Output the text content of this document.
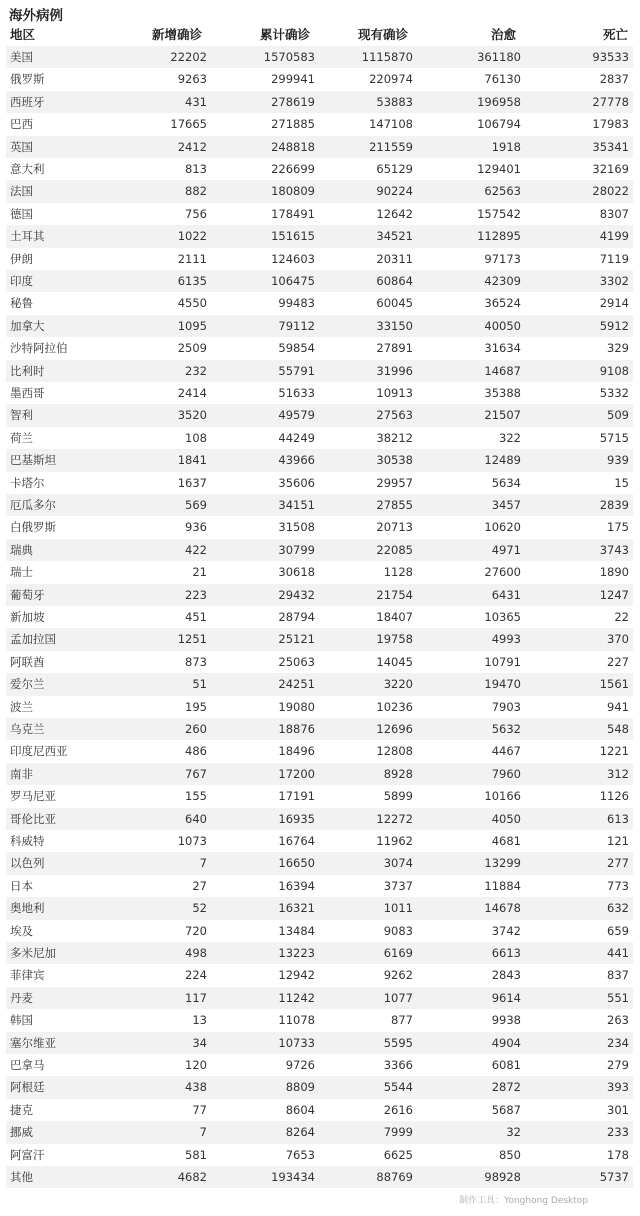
海外病例
地区	新增确诊	累计确诊	现有确诊	治愈	死亡
美国	22202	1570583	1115870	361180	93533
俄罗斯	9263	299941	220974	76130	2837
西班牙	431	278619	53883	196958	27778
巴西	17665	271885	147108	106794	17983
英国	2412	248818	211559	1918	35341
意大利	813	226699	65129	129401	32169
法国	882	180809	90224	62563	28022
德国	756	178491	12642	157542	8307
土耳其	1022	151615	34521	112895	4199
伊朗	2111	124603	20311	97173	7119
印度	6135	106475	60864	42309	3302
秘鲁	4550	99483	60045	36524	2914
加拿大	1095	79112	33150	40050	5912
沙特阿拉伯	2509	59854	27891	31634	329
比利时	232	55791	31996	14687	9108
墨西哥	2414	51633	10913	35388	5332
智利	3520	49579	27563	21507	509
荷兰	108	44249	38212	322	5715
巴基斯坦	1841	43966	30538	12489	939
卡塔尔	1637	35606	29957	5634	15
厄瓜多尔	569	34151	27855	3457	2839
白俄罗斯	936	31508	20713	10620	175
瑞典	422	30799	22085	4971	3743
瑞士	21	30618	1128	27600	1890
葡萄牙	223	29432	21754	6431	1247
新加坡	451	28794	18407	10365	22
孟加拉国	1251	25121	19758	4993	370
阿联酋	873	25063	14045	10791	227
爱尔兰	51	24251	3220	19470	1561
波兰	195	19080	10236	7903	941
乌克兰	260	18876	12696	5632	548
印度尼西亚	486	18496	12808	4467	1221
南非	767	17200	8928	7960	312
罗马尼亚	155	17191	5899	10166	1126
哥伦比亚	640	16935	12272	4050	613
科威特	1073	16764	11962	4681	121
以色列	7	16650	3074	13299	277
日本	27	16394	3737	11884	773
奥地利	52	16321	1011	14678	632
埃及	720	13484	9083	3742	659
多米尼加	498	13223	6169	6613	441
菲律宾	224	12942	9262	2843	837
丹麦	117	11242	1077	9614	551
韩国	13	11078	877	9938	263
塞尔维亚	34	10733	5595	4904	234
巴拿马	120	9726	3366	6081	279
阿根廷	438	8809	5544	2872	393
捷克	77	8604	2616	5687	301
挪威	7	8264	7999	32	233
阿富汗	581	7653	6625	850	178
其他	4682	193434	88769	98928	5737
制作工具：Yonghong Desktop
